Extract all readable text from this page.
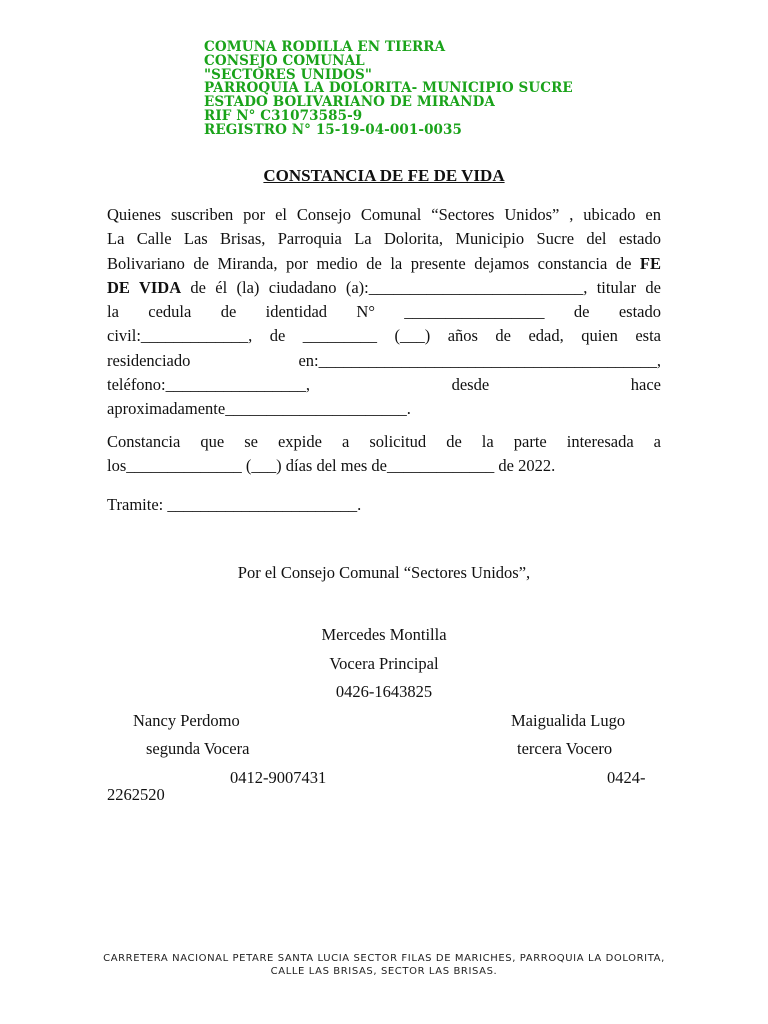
COMUNA RODILLA EN TIERRA
CONSEJO COMUNAL
"SECTORES UNIDOS"
PARROQUIA LA DOLORITA- MUNICIPIO SUCRE
ESTADO BOLIVARIANO DE MIRANDA
RIF N° C31073585-9
REGISTRO N° 15-19-04-001-0035
CONSTANCIA DE FE DE VIDA
Quienes suscriben por el Consejo Comunal “Sectores Unidos” , ubicado en
La Calle Las Brisas, Parroquia La Dolorita, Municipio Sucre del estado
Bolivariano de Miranda, por medio de la presente dejamos constancia de FE
DE VIDA de él (la) ciudadano (a):__________________________, titular de
la cedula de identidad N° _________________ de estado
civil:_____________, de _________ (___) años de edad, quien esta
residenciado en:_________________________________________,
teléfono:_________________, desde hace
aproximadamente______________________.
Constancia que se expide a solicitud de la parte interesada a
los______________ (___) días del mes de_____________ de 2022.
Tramite: _______________________.
Por el Consejo Comunal “Sectores Unidos”,
Mercedes Montilla
Vocera Principal
0426-1643825
Nancy Perdomo
segunda Vocera
Maigualida Lugo
tercera Vocero
0412-9007431	0424-
2262520
CARRETERA NACIONAL PETARE SANTA LUCIA SECTOR FILAS DE MARICHES, PARROQUIA LA DOLORITA,
CALLE LAS BRISAS, SECTOR LAS BRISAS.
